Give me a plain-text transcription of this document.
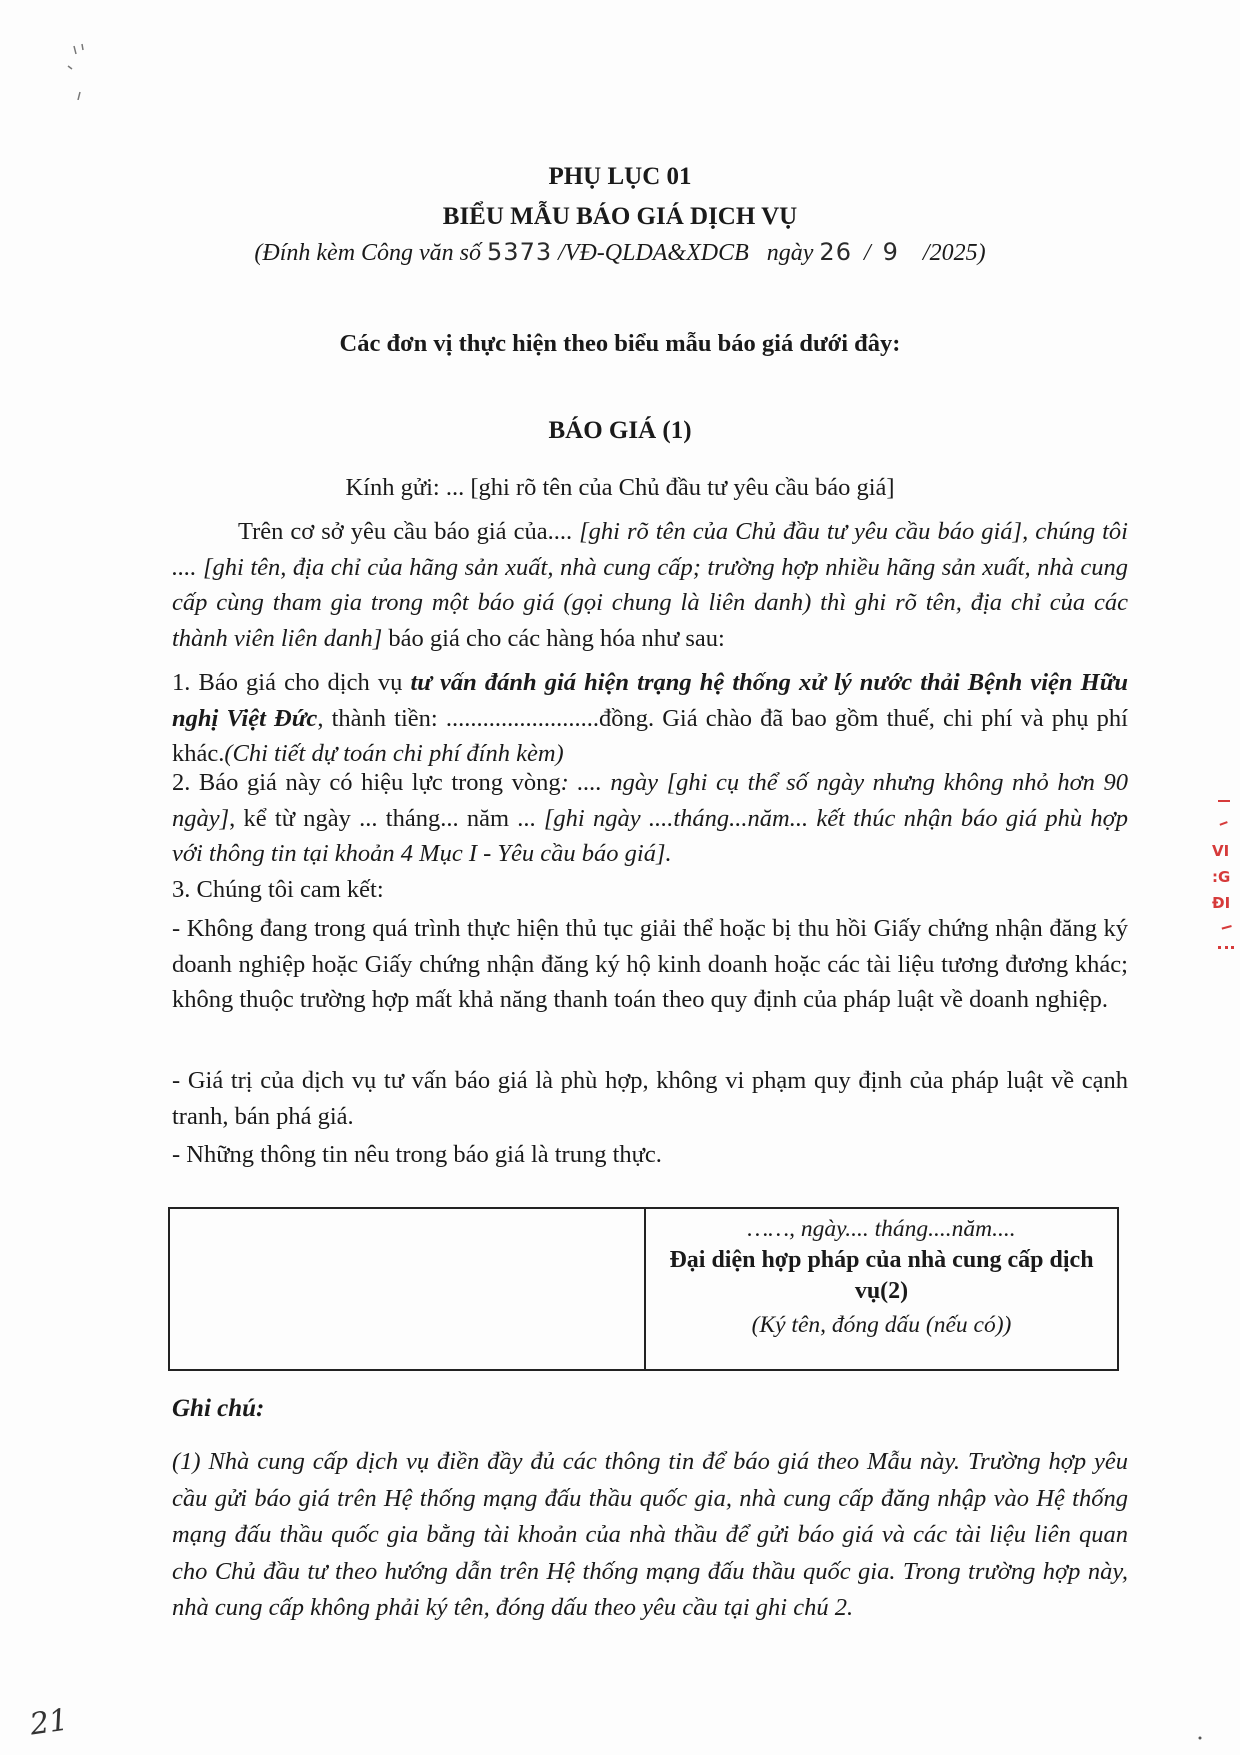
PHỤ LỤC 01
BIỂU MẪU BÁO GIÁ DỊCH VỤ
(Đính kèm Công văn số 5373 /VĐ-QLDA&XDCB ngày 26 / 9 /2025)
Các đơn vị thực hiện theo biểu mẫu báo giá dưới đây:
BÁO GIÁ (1)
Kính gửi: ... [ghi rõ tên của Chủ đầu tư yêu cầu báo giá]
Trên cơ sở yêu cầu báo giá của.... [ghi rõ tên của Chủ đầu tư yêu cầu báo giá], chúng tôi .... [ghi tên, địa chỉ của hãng sản xuất, nhà cung cấp; trường hợp nhiều hãng sản xuất, nhà cung cấp cùng tham gia trong một báo giá (gọi chung là liên danh) thì ghi rõ tên, địa chỉ của các thành viên liên danh] báo giá cho các hàng hóa như sau:
1. Báo giá cho dịch vụ tư vấn đánh giá hiện trạng hệ thống xử lý nước thải Bệnh viện Hữu nghị Việt Đức, thành tiền: .........................đồng. Giá chào đã bao gồm thuế, chi phí và phụ phí khác.(Chi tiết dự toán chi phí đính kèm)
2. Báo giá này có hiệu lực trong vòng: .... ngày [ghi cụ thể số ngày nhưng không nhỏ hơn 90 ngày], kể từ ngày ... tháng... năm ... [ghi ngày ....tháng...năm... kết thúc nhận báo giá phù hợp với thông tin tại khoản 4 Mục I - Yêu cầu báo giá].
3. Chúng tôi cam kết:
- Không đang trong quá trình thực hiện thủ tục giải thể hoặc bị thu hồi Giấy chứng nhận đăng ký doanh nghiệp hoặc Giấy chứng nhận đăng ký hộ kinh doanh hoặc các tài liệu tương đương khác; không thuộc trường hợp mất khả năng thanh toán theo quy định của pháp luật về doanh nghiệp.
- Giá trị của dịch vụ tư vấn báo giá là phù hợp, không vi phạm quy định của pháp luật về cạnh tranh, bán phá giá.
- Những thông tin nêu trong báo giá là trung thực.

……, ngày.... tháng....năm....
Đại diện hợp pháp của nhà cung cấp dịch vụ(2)
(Ký tên, đóng dấu (nếu có))
Ghi chú:
(1) Nhà cung cấp dịch vụ điền đầy đủ các thông tin để báo giá theo Mẫu này. Trường hợp yêu cầu gửi báo giá trên Hệ thống mạng đấu thầu quốc gia, nhà cung cấp đăng nhập vào Hệ thống mạng đấu thầu quốc gia bằng tài khoản của nhà thầu để gửi báo giá và các tài liệu liên quan cho Chủ đầu tư theo hướng dẫn trên Hệ thống mạng đấu thầu quốc gia. Trong trường hợp này, nhà cung cấp không phải ký tên, đóng dấu theo yêu cầu tại ghi chú 2.
VI
:G
ĐI
21
